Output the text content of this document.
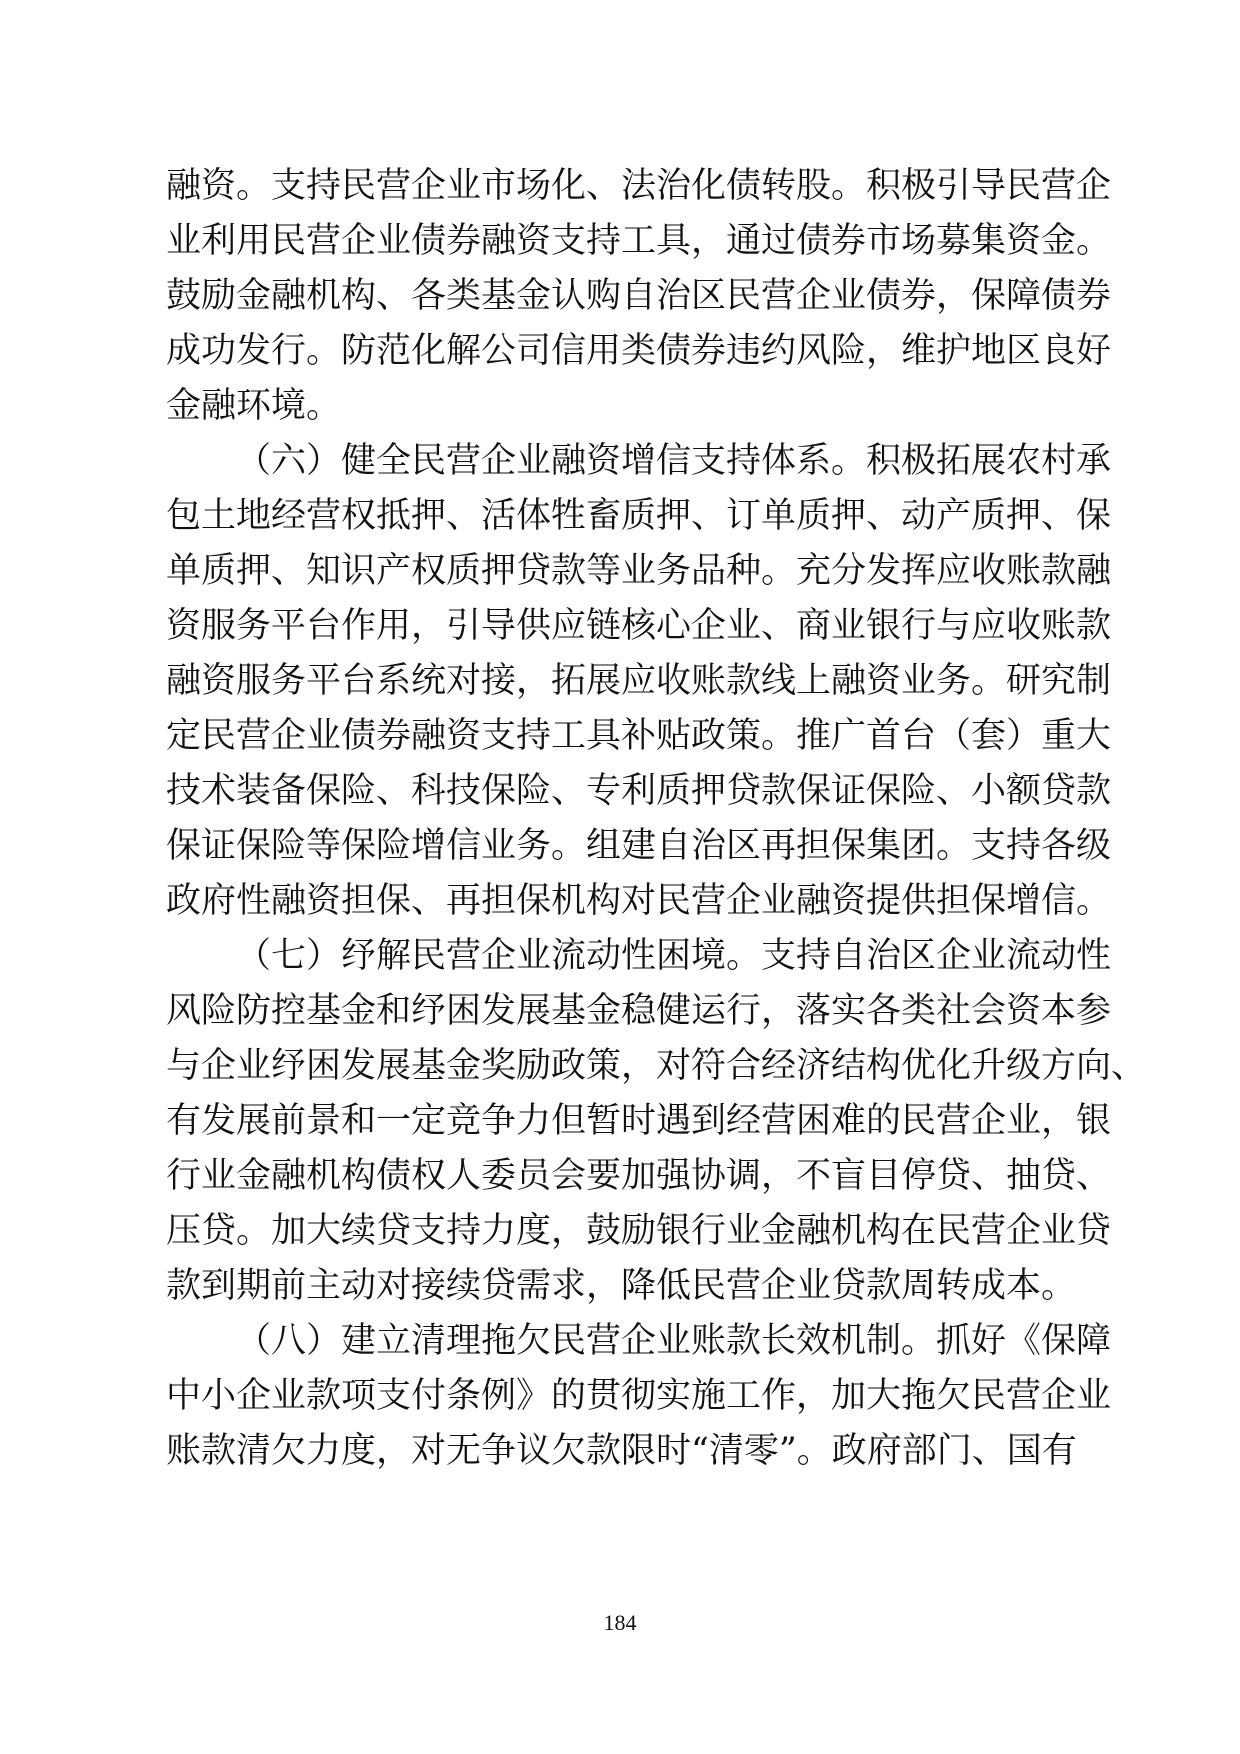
融资。支持民营企业市场化、法治化债转股。积极引导民营企
业利用民营企业债券融资支持工具，通过债券市场募集资金。
鼓励金融机构、各类基金认购自治区民营企业债券，保障债券
成功发行。防范化解公司信用类债券违约风险，维护地区良好
金融环境。
（六）健全民营企业融资增信支持体系。积极拓展农村承
包土地经营权抵押、活体牲畜质押、订单质押、动产质押、保
单质押、知识产权质押贷款等业务品种。充分发挥应收账款融
资服务平台作用，引导供应链核心企业、商业银行与应收账款
融资服务平台系统对接，拓展应收账款线上融资业务。研究制
定民营企业债券融资支持工具补贴政策。推广首台（套）重大
技术装备保险、科技保险、专利质押贷款保证保险、小额贷款
保证保险等保险增信业务。组建自治区再担保集团。支持各级
政府性融资担保、再担保机构对民营企业融资提供担保增信。
（七）纾解民营企业流动性困境。支持自治区企业流动性
风险防控基金和纾困发展基金稳健运行，落实各类社会资本参
与企业纾困发展基金奖励政策，对符合经济结构优化升级方向、
有发展前景和一定竞争力但暂时遇到经营困难的民营企业，银
行业金融机构债权人委员会要加强协调，不盲目停贷、抽贷、
压贷。加大续贷支持力度，鼓励银行业金融机构在民营企业贷
款到期前主动对接续贷需求，降低民营企业贷款周转成本。
（八）建立清理拖欠民营企业账款长效机制。抓好《保障
中小企业款项支付条例》的贯彻实施工作，加大拖欠民营企业
账款清欠力度，对无争议欠款限时“清零”。政府部门、国有
184
